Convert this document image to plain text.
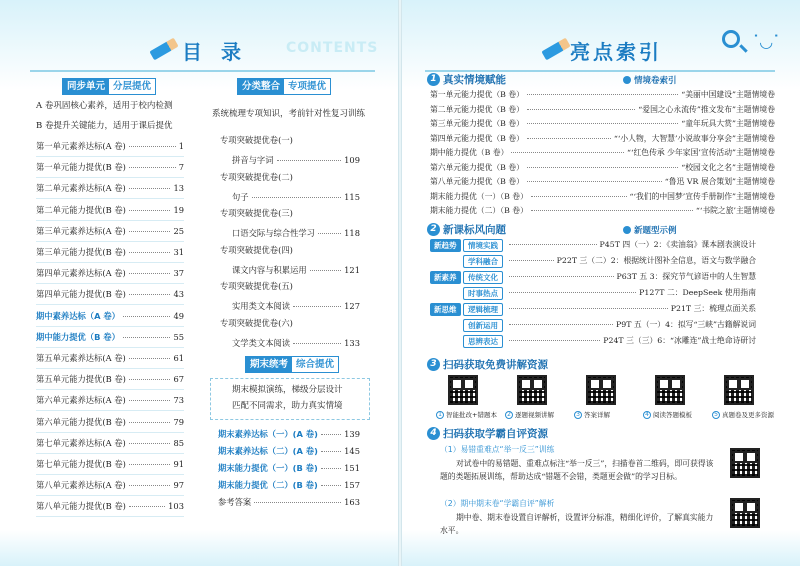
目 录	CONTENTS
同步单元 分层提优
A 卷巩固核心素养，适用于校内检测
B 卷提升关键能力，适用于课后提优
第一单元素养达标(A 卷)	1
第一单元能力提优(B 卷)	7
第二单元素养达标(A 卷)	13
第二单元能力提优(B 卷)	19
第三单元素养达标(A 卷)	25
第三单元能力提优(B 卷)	31
第四单元素养达标(A 卷)	37
第四单元能力提优(B 卷)	43
期中素养达标（A 卷）	49
期中能力提优（B 卷）	55
第五单元素养达标(A 卷)	61
第五单元能力提优(B 卷)	67
第六单元素养达标(A 卷)	73
第六单元能力提优(B 卷)	79
第七单元素养达标(A 卷)	85
第七单元能力提优(B 卷)	91
第八单元素养达标(A 卷)	97
第八单元能力提优(B 卷)	103
分类整合 专项提优
系统梳理专项知识，考前针对性复习训练
专项突破提优卷(一)
拼音与字词	109
专项突破提优卷(二)
句子	115
专项突破提优卷(三)
口语交际与综合性学习	118
专项突破提优卷(四)
课文内容与积累运用	121
专项突破提优卷(五)
实用类文本阅读	127
专项突破提优卷(六)
文学类文本阅读	133
期末统考 综合提优
期末模拟演练，梯级分层设计
匹配不同需求，助力真实情境
期末素养达标（一）(A 卷)	139
期末素养达标（二）(A 卷)	145
期末能力提优（一）(B 卷)	151
期末能力提优（二）(B 卷)	157
参考答案	163
亮点索引	˙◡˙
1 真实情境赋能	情境卷索引
第一单元能力提优（B 卷）	“美丽中国建设”主题情境卷
第二单元能力提优（B 卷）	“爱国之心永流传”推文发布”主题情境卷
第三单元能力提优（B 卷）	“童年玩具大赏”主题情境卷
第四单元能力提优（B 卷）	“‘小人物，大智慧’小说故事分享会”主题情境卷
期中能力提优（B 卷）	“‘红色传承 少年家国’宣传活动”主题情境卷
第六单元能力提优（B 卷）	“校园文化之名”主题情境卷
第八单元能力提优（B 卷）	“鲁迅 VR 展合策划”主题情境卷
期末能力提优（一）（B 卷）	“‘我们的中国梦’宣传手册制作”主题情境卷
期末能力提优（二）（B 卷）	“‘书院之旅’主题情境卷
2 新课标风向题	新题型示例
新趋势	情境实践	P45T 四（一）2：《卖油翁》课本剧表演设计
学科融合	P22T 三（二）2：根据统计图补全信息，语文与数学融合
新素养	传统文化	P63T 五 3：探究节气谚语中的人生智慧
时事热点	P127T 二：DeepSeek 使用指南
新思维	逻辑梳理	P21T 三：梳理点面关系
创新运用	P9T 五（一）4：拟写“三峡”古籍解说词
思辨表达	P24T 三（三）6：“冰雕连”战士绝命诗研讨
3 扫码获取免费讲解资源
1 智能批改+错题本	2 逐题视频讲解	3 答案详解	4 阅读答题模板	5 真题卷及更多资源
4 扫码获取学霸自评资源
（1）易错重难点“举一反三”训练
对试卷中的易错题、重难点标注“举一反三”，扫描卷首二维码，即可获得该题的类题拓展训练，帮助达成“错题不会错，类题更会做”的学习目标。
（2）期中期末卷“学霸自评”解析
期中卷、期末卷设置自评解析，设置评分标准，精细化评价，了解真实能力水平。
